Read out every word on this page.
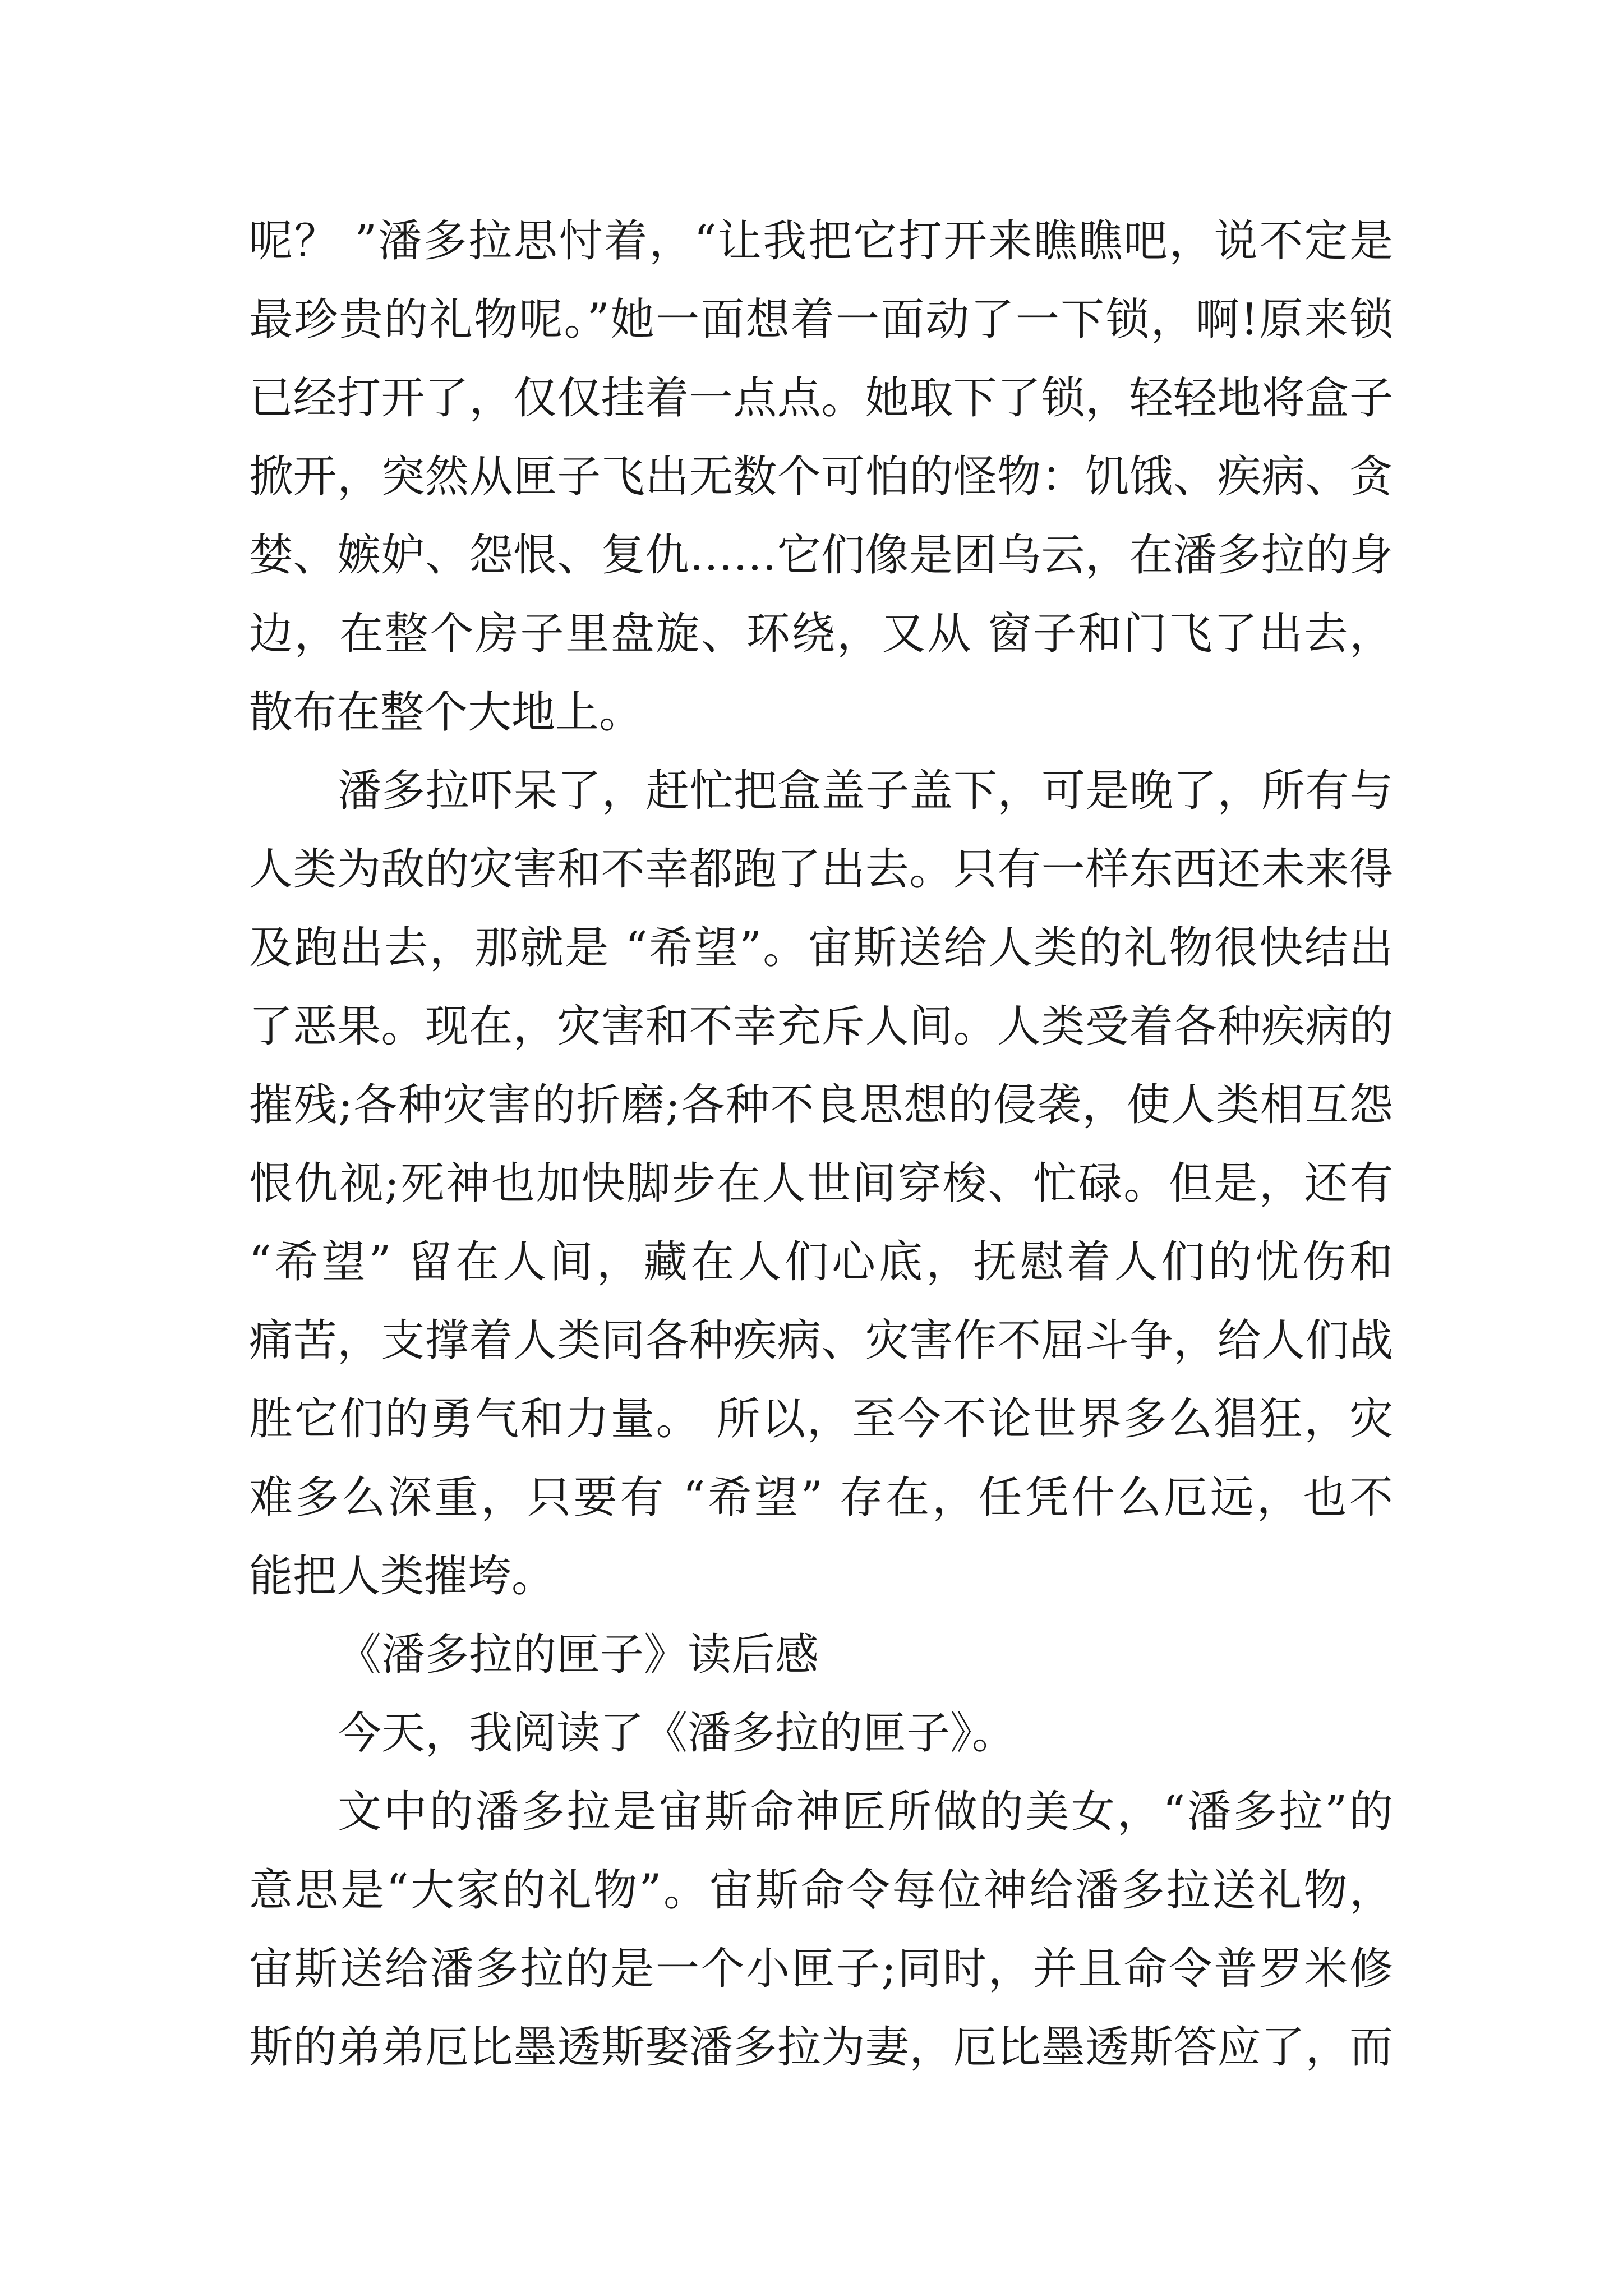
呢？ ”潘多拉思忖着，“让我把它打开来瞧瞧吧，说不定是

最珍贵的礼物呢。”她一面想着一面动了一下锁，啊!原来锁

已经打开了，仅仅挂着一点点。她取下了锁，轻轻地将盒子

掀开，突然从匣子飞出无数个可怕的怪物：饥饿、疾病、贪

婪、嫉妒、怨恨、复仇……它们像是团乌云，在潘多拉的身

边，在整个房子里盘旋、环绕，又从 窗子和门飞了出去，

散布在整个大地上。

潘多拉吓呆了，赶忙把盒盖子盖下，可是晚了，所有与

人类为敌的灾害和不幸都跑了出去。只有一样东西还未来得

及跑出去，那就是 “希望”。宙斯送给人类的礼物很快结出

了恶果。现在，灾害和不幸充斥人间。人类受着各种疾病的

摧残;各种灾害的折磨;各种不良思想的侵袭，使人类相互怨

恨仇视;死神也加快脚步在人世间穿梭、忙碌。但是，还有

“希望” 留在人间，藏在人们心底，抚慰着人们的忧伤和

痛苦，支撑着人类同各种疾病、灾害作不屈斗争，给人们战

胜它们的勇气和力量。 所以，至今不论世界多么猖狂，灾

难多么深重，只要有 “希望” 存在，任凭什么厄远，也不

能把人类摧垮。

《潘多拉的匣子》读后感

今天，我阅读了《潘多拉的匣子》。

文中的潘多拉是宙斯命神匠所做的美女，“潘多拉”的

意思是“大家的礼物”。宙斯命令每位神给潘多拉送礼物，

宙斯送给潘多拉的是一个小匣子;同时，并且命令普罗米修

斯的弟弟厄比墨透斯娶潘多拉为妻，厄比墨透斯答应了，而
